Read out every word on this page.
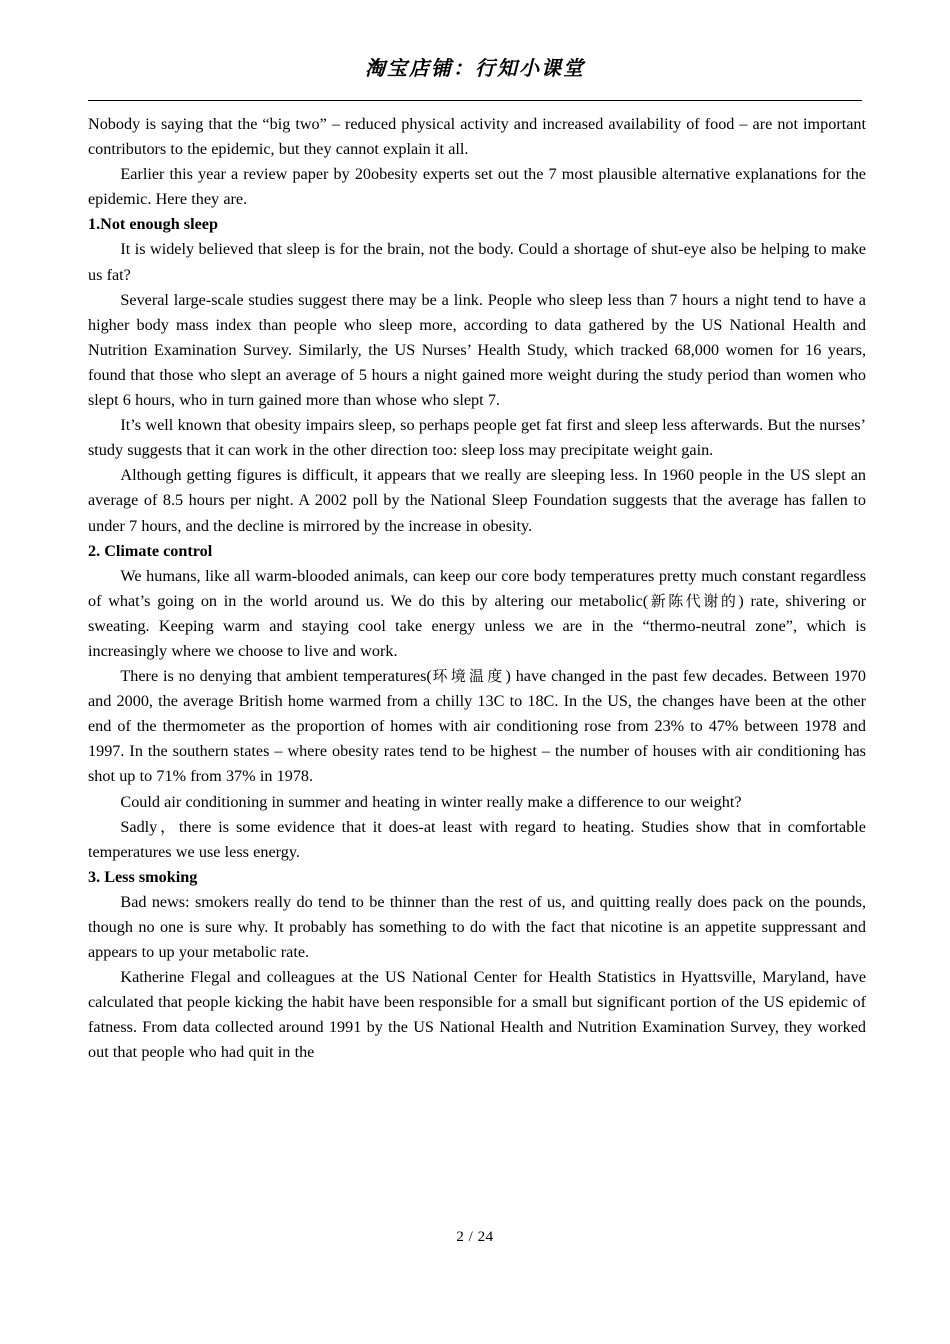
淘宝店铺：行知小课堂

Nobody is saying that the “big two” – reduced physical activity and increased availability of food – are not important contributors to the epidemic, but they cannot explain it all.

Earlier this year a review paper by 20obesity experts set out the 7 most plausible alternative explanations for the epidemic. Here they are.

1.Not enough sleep

It is widely believed that sleep is for the brain, not the body. Could a shortage of shut-eye also be helping to make us fat?

Several large-scale studies suggest there may be a link. People who sleep less than 7 hours a night tend to have a higher body mass index than people who sleep more, according to data gathered by the US National Health and Nutrition Examination Survey. Similarly, the US Nurses’ Health Study, which tracked 68,000 women for 16 years, found that those who slept an average of 5 hours a night gained more weight during the study period than women who slept 6 hours, who in turn gained more than whose who slept 7.

It’s well known that obesity impairs sleep, so perhaps people get fat first and sleep less afterwards. But the nurses’ study suggests that it can work in the other direction too: sleep loss may precipitate weight gain.

Although getting figures is difficult, it appears that we really are sleeping less. In 1960 people in the US slept an average of 8.5 hours per night. A 2002 poll by the National Sleep Foundation suggests that the average has fallen to under 7 hours, and the decline is mirrored by the increase in obesity.

2. Climate control

We humans, like all warm-blooded animals, can keep our core body temperatures pretty much constant regardless of what’s going on in the world around us. We do this by altering our metabolic(新陈代谢的) rate, shivering or sweating. Keeping warm and staying cool take energy unless we are in the “thermo-neutral zone”, which is increasingly where we choose to live and work.

There is no denying that ambient temperatures(环境温度) have changed in the past few decades. Between 1970 and 2000, the average British home warmed from a chilly 13C to 18C. In the US, the changes have been at the other end of the thermometer as the proportion of homes with air conditioning rose from 23% to 47% between 1978 and 1997. In the southern states – where obesity rates tend to be highest – the number of houses with air conditioning has shot up to 71% from 37% in 1978.

Could air conditioning in summer and heating in winter really make a difference to our weight?

Sadly，there is some evidence that it does-at least with regard to heating. Studies show that in comfortable temperatures we use less energy.

3. Less smoking

Bad news: smokers really do tend to be thinner than the rest of us, and quitting really does pack on the pounds, though no one is sure why. It probably has something to do with the fact that nicotine is an appetite suppressant and appears to up your metabolic rate.

Katherine Flegal and colleagues at the US National Center for Health Statistics in Hyattsville, Maryland, have calculated that people kicking the habit have been responsible for a small but significant portion of the US epidemic of fatness. From data collected around 1991 by the US National Health and Nutrition Examination Survey, they worked out that people who had quit in the

2 / 24
